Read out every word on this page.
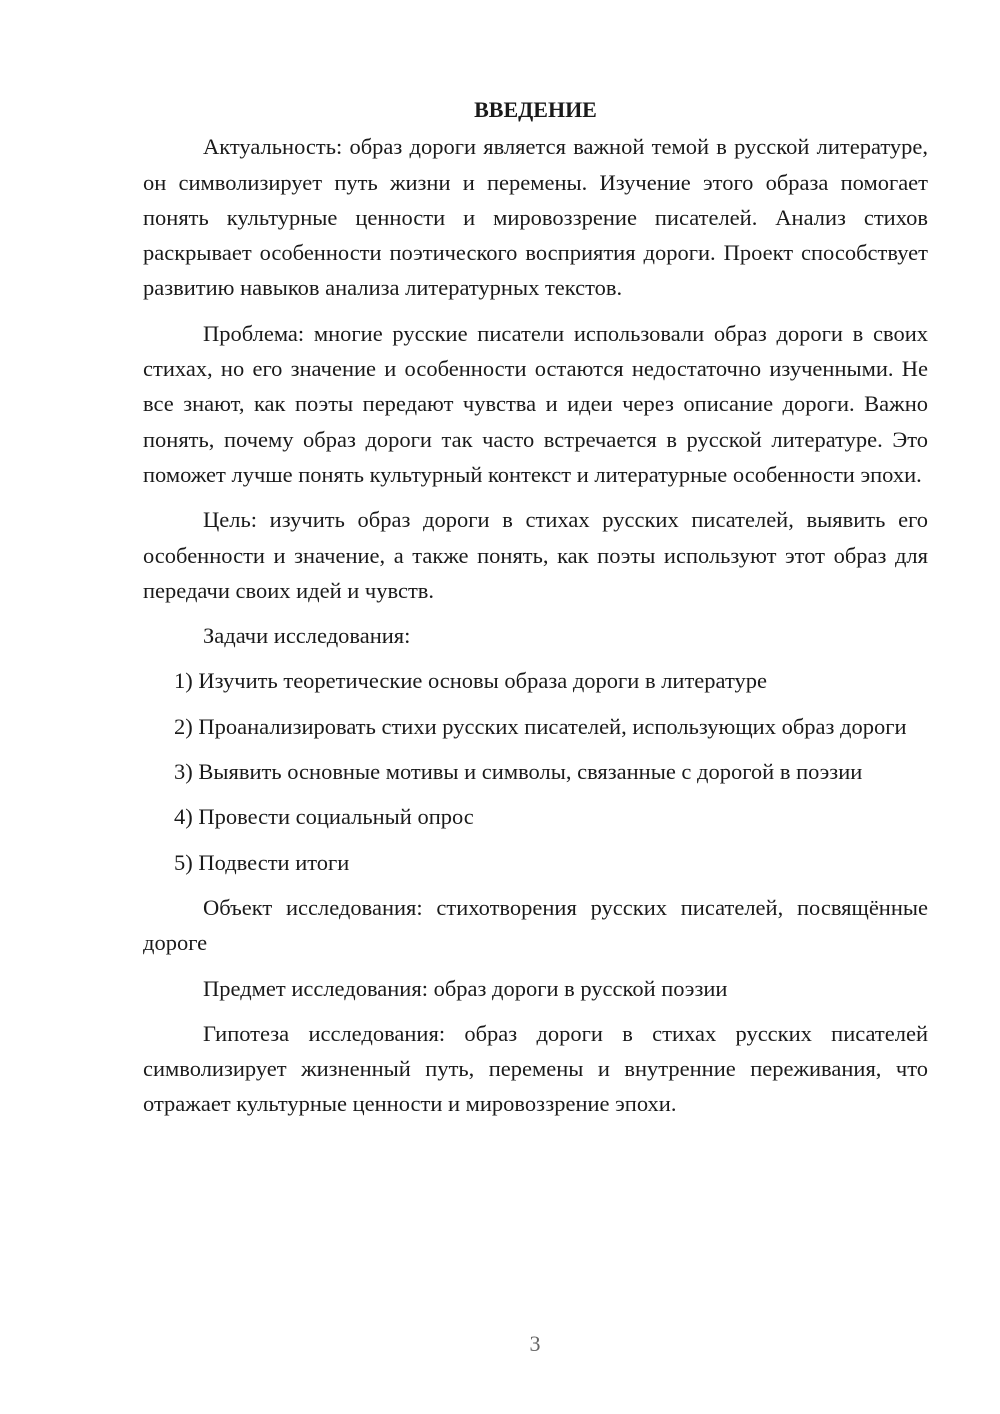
ВВЕДЕНИЕ

Актуальность: образ дороги является важной темой в русской литературе, он символизирует путь жизни и перемены. Изучение этого образа помогает понять культурные ценности и мировоззрение писателей. Анализ стихов раскрывает особенности поэтического восприятия дороги. Проект способствует развитию навыков анализа литературных текстов.

Проблема: многие русские писатели использовали образ дороги в своих стихах, но его значение и особенности остаются недостаточно изученными. Не все знают, как поэты передают чувства и идеи через описание дороги. Важно понять, почему образ дороги так часто встречается в русской литературе. Это поможет лучше понять культурный контекст и литературные особенности эпохи.

Цель: изучить образ дороги в стихах русских писателей, выявить его особенности и значение, а также понять, как поэты используют этот образ для передачи своих идей и чувств.

Задачи исследования:

1) Изучить теоретические основы образа дороги в литературе

2) Проанализировать стихи русских писателей, использующих образ дороги

3) Выявить основные мотивы и символы, связанные с дорогой в поэзии

4) Провести социальный опрос

5) Подвести итоги

Объект исследования: стихотворения русских писателей, посвящённые дороге

Предмет исследования: образ дороги в русской поэзии

Гипотеза исследования: образ дороги в стихах русских писателей символизирует жизненный путь, перемены и внутренние переживания, что отражает культурные ценности и мировоззрение эпохи.

3
